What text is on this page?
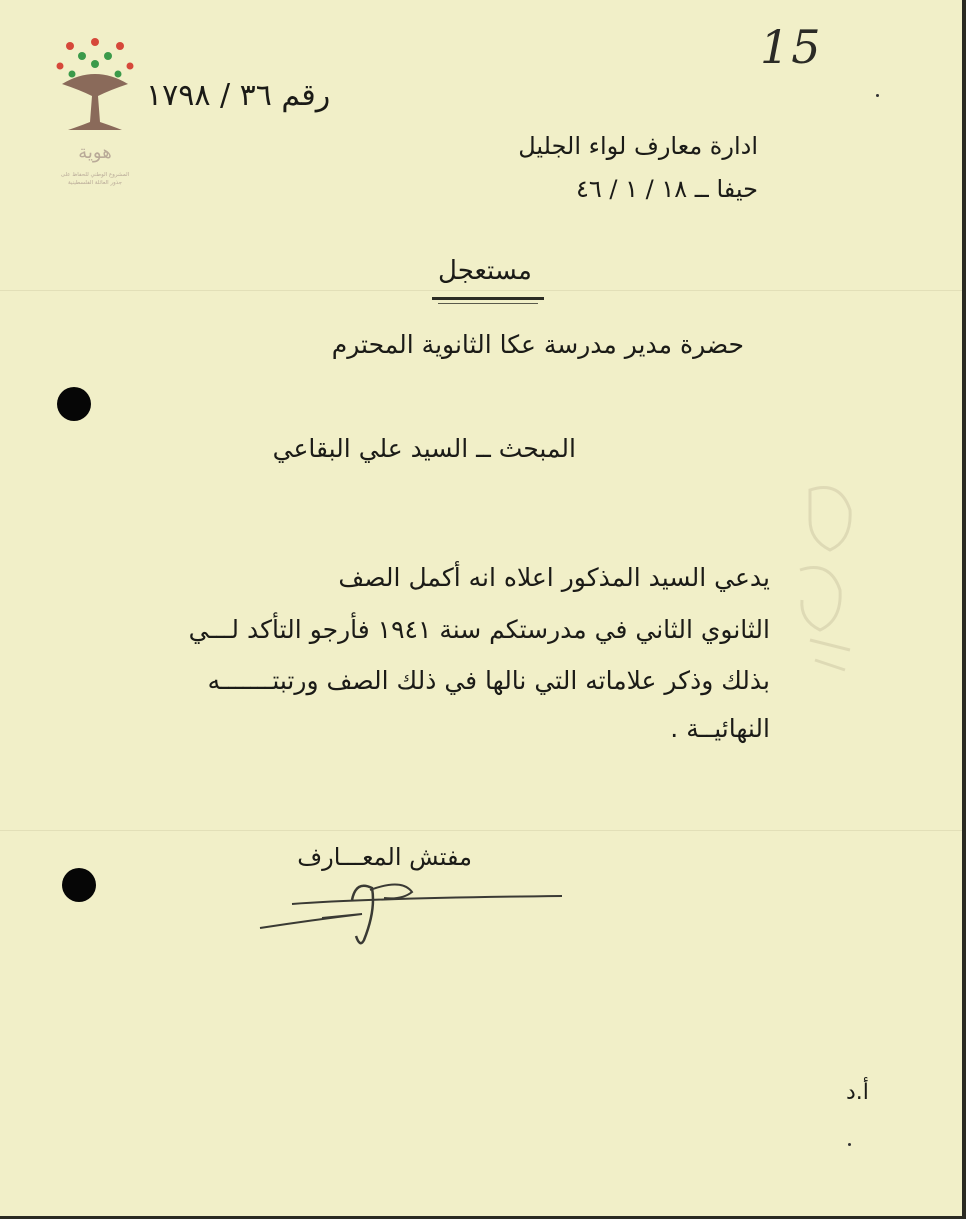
هوية
المشروع الوطني للحفاظ على
جذور العائلة الفلسطينية
15
رقم ٣٦ / ١٧٩٨
ادارة معارف لواء الجليل
حيفا ــ ١٨ / ١ / ٤٦
مستعجل
حضرة مدير مدرسة عكا الثانوية المحترم
المبحث ــ السيد علي البقاعي
يدعي السيد المذكور اعلاه انه أكمل الصف
الثانوي الثاني في مدرستكم سنة ١٩٤١ فأرجو التأكد لـــي
بذلك وذكر علاماته التي نالها في ذلك الصف ورتبتـــــــه
النهائيــة .
مفتش المعـــارف
أ.د
